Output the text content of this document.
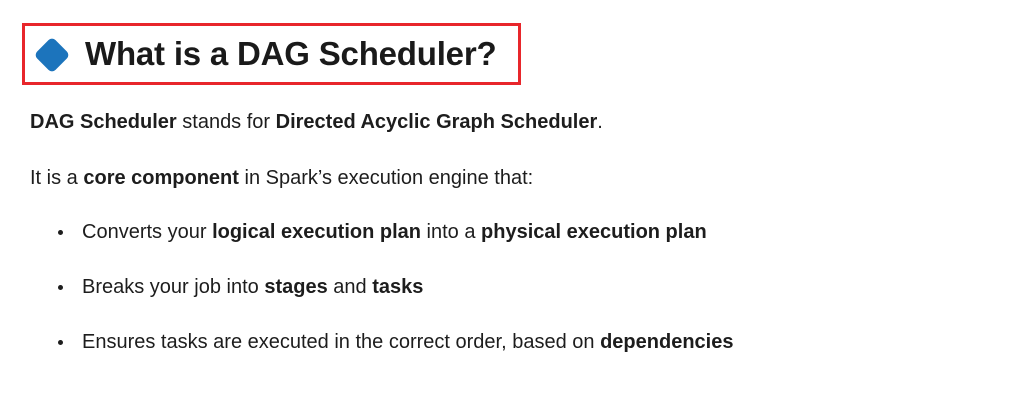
What is a DAG Scheduler?

DAG Scheduler stands for Directed Acyclic Graph Scheduler.

It is a core component in Spark’s execution engine that:

• Converts your logical execution plan into a physical execution plan
• Breaks your job into stages and tasks
• Ensures tasks are executed in the correct order, based on dependencies
